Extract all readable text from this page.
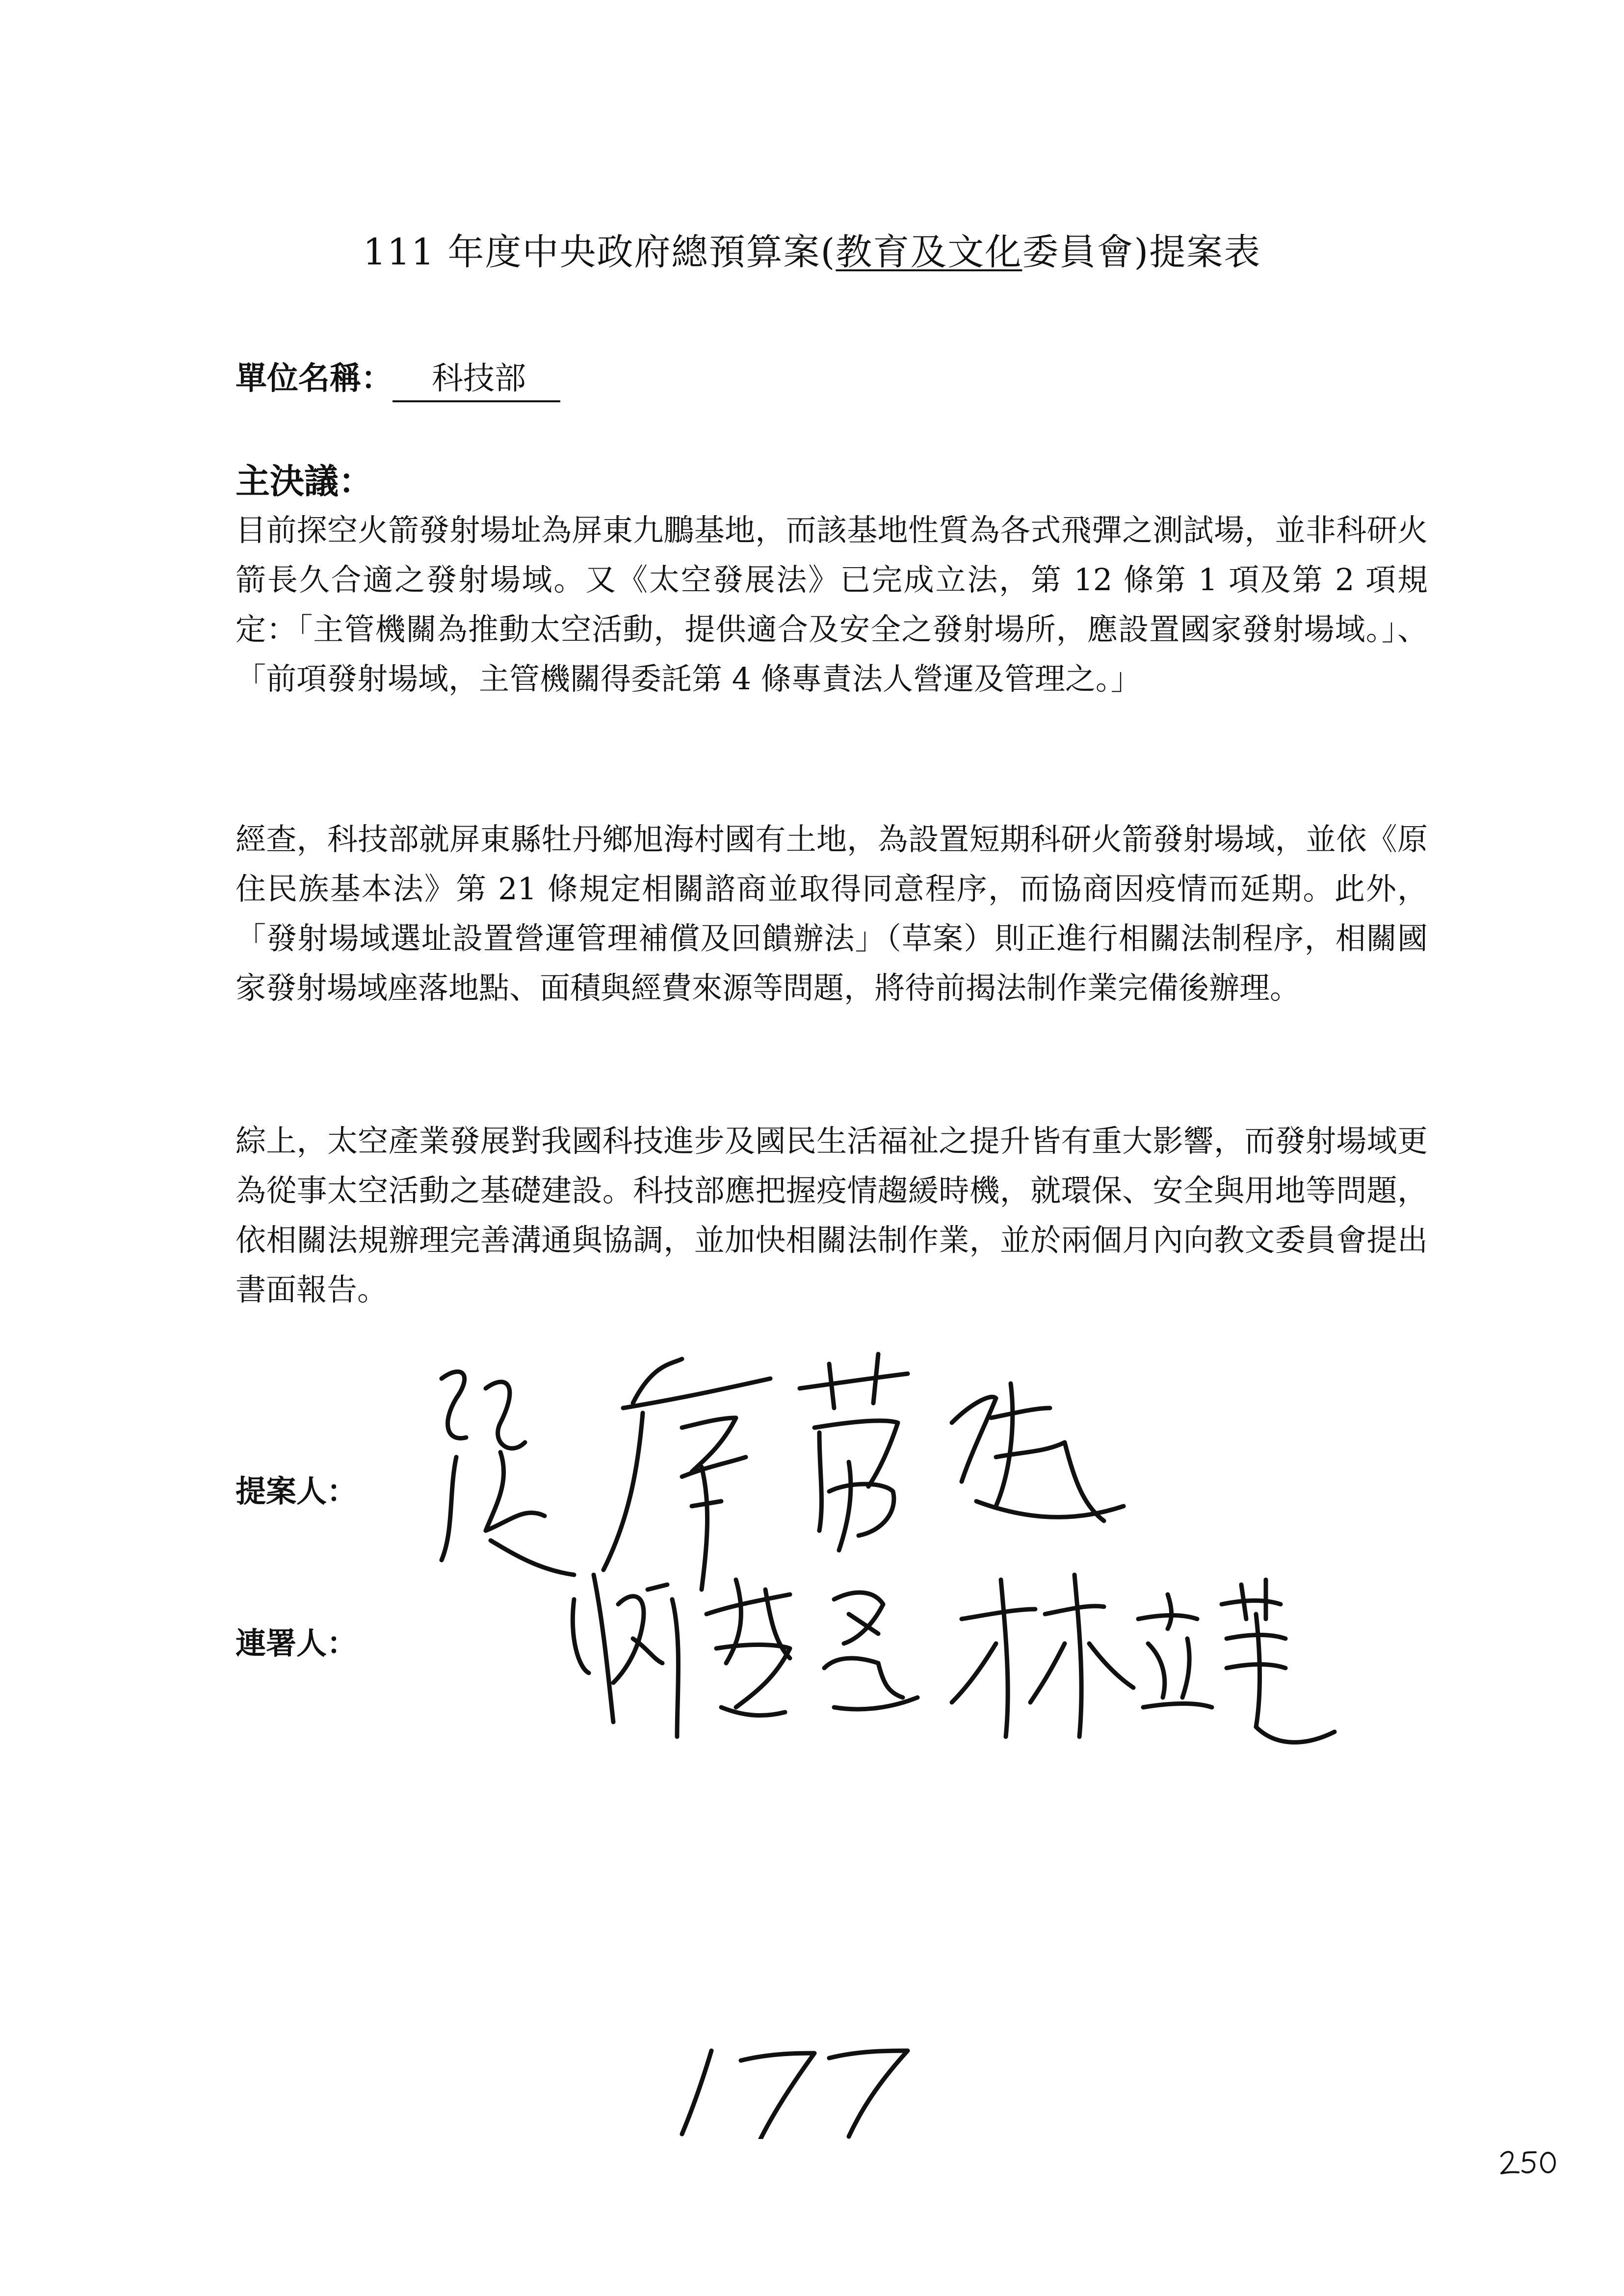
111 年度中央政府總預算案(教育及文化委員會)提案表
單位名稱： 科技部
主決議：

目前探空火箭發射場址為屏東九鵬基地，而該基地性質為各式飛彈之測試場，並非科研火箭長久合適之發射場域。又《太空發展法》已完成立法，第 12 條第 1 項及第 2 項規定：「主管機關為推動太空活動，提供適合及安全之發射場所，應設置國家發射場域。」、「前項發射場域，主管機關得委託第 4 條專責法人營運及管理之。」

經查，科技部就屏東縣牡丹鄉旭海村國有土地，為設置短期科研火箭發射場域，並依《原住民族基本法》第 21 條規定相關諮商並取得同意程序，而協商因疫情而延期。此外，「發射場域選址設置營運管理補償及回饋辦法」（草案）則正進行相關法制程序，相關國家發射場域座落地點、面積與經費來源等問題，將待前揭法制作業完備後辦理。

綜上，太空產業發展對我國科技進步及國民生活福祉之提升皆有重大影響，而發射場域更為從事太空活動之基礎建設。科技部應把握疫情趨緩時機，就環保、安全與用地等問題，依相關法規辦理完善溝通與協調，並加快相關法制作業，並於兩個月內向教文委員會提出書面報告。

提案人：
連署人：
